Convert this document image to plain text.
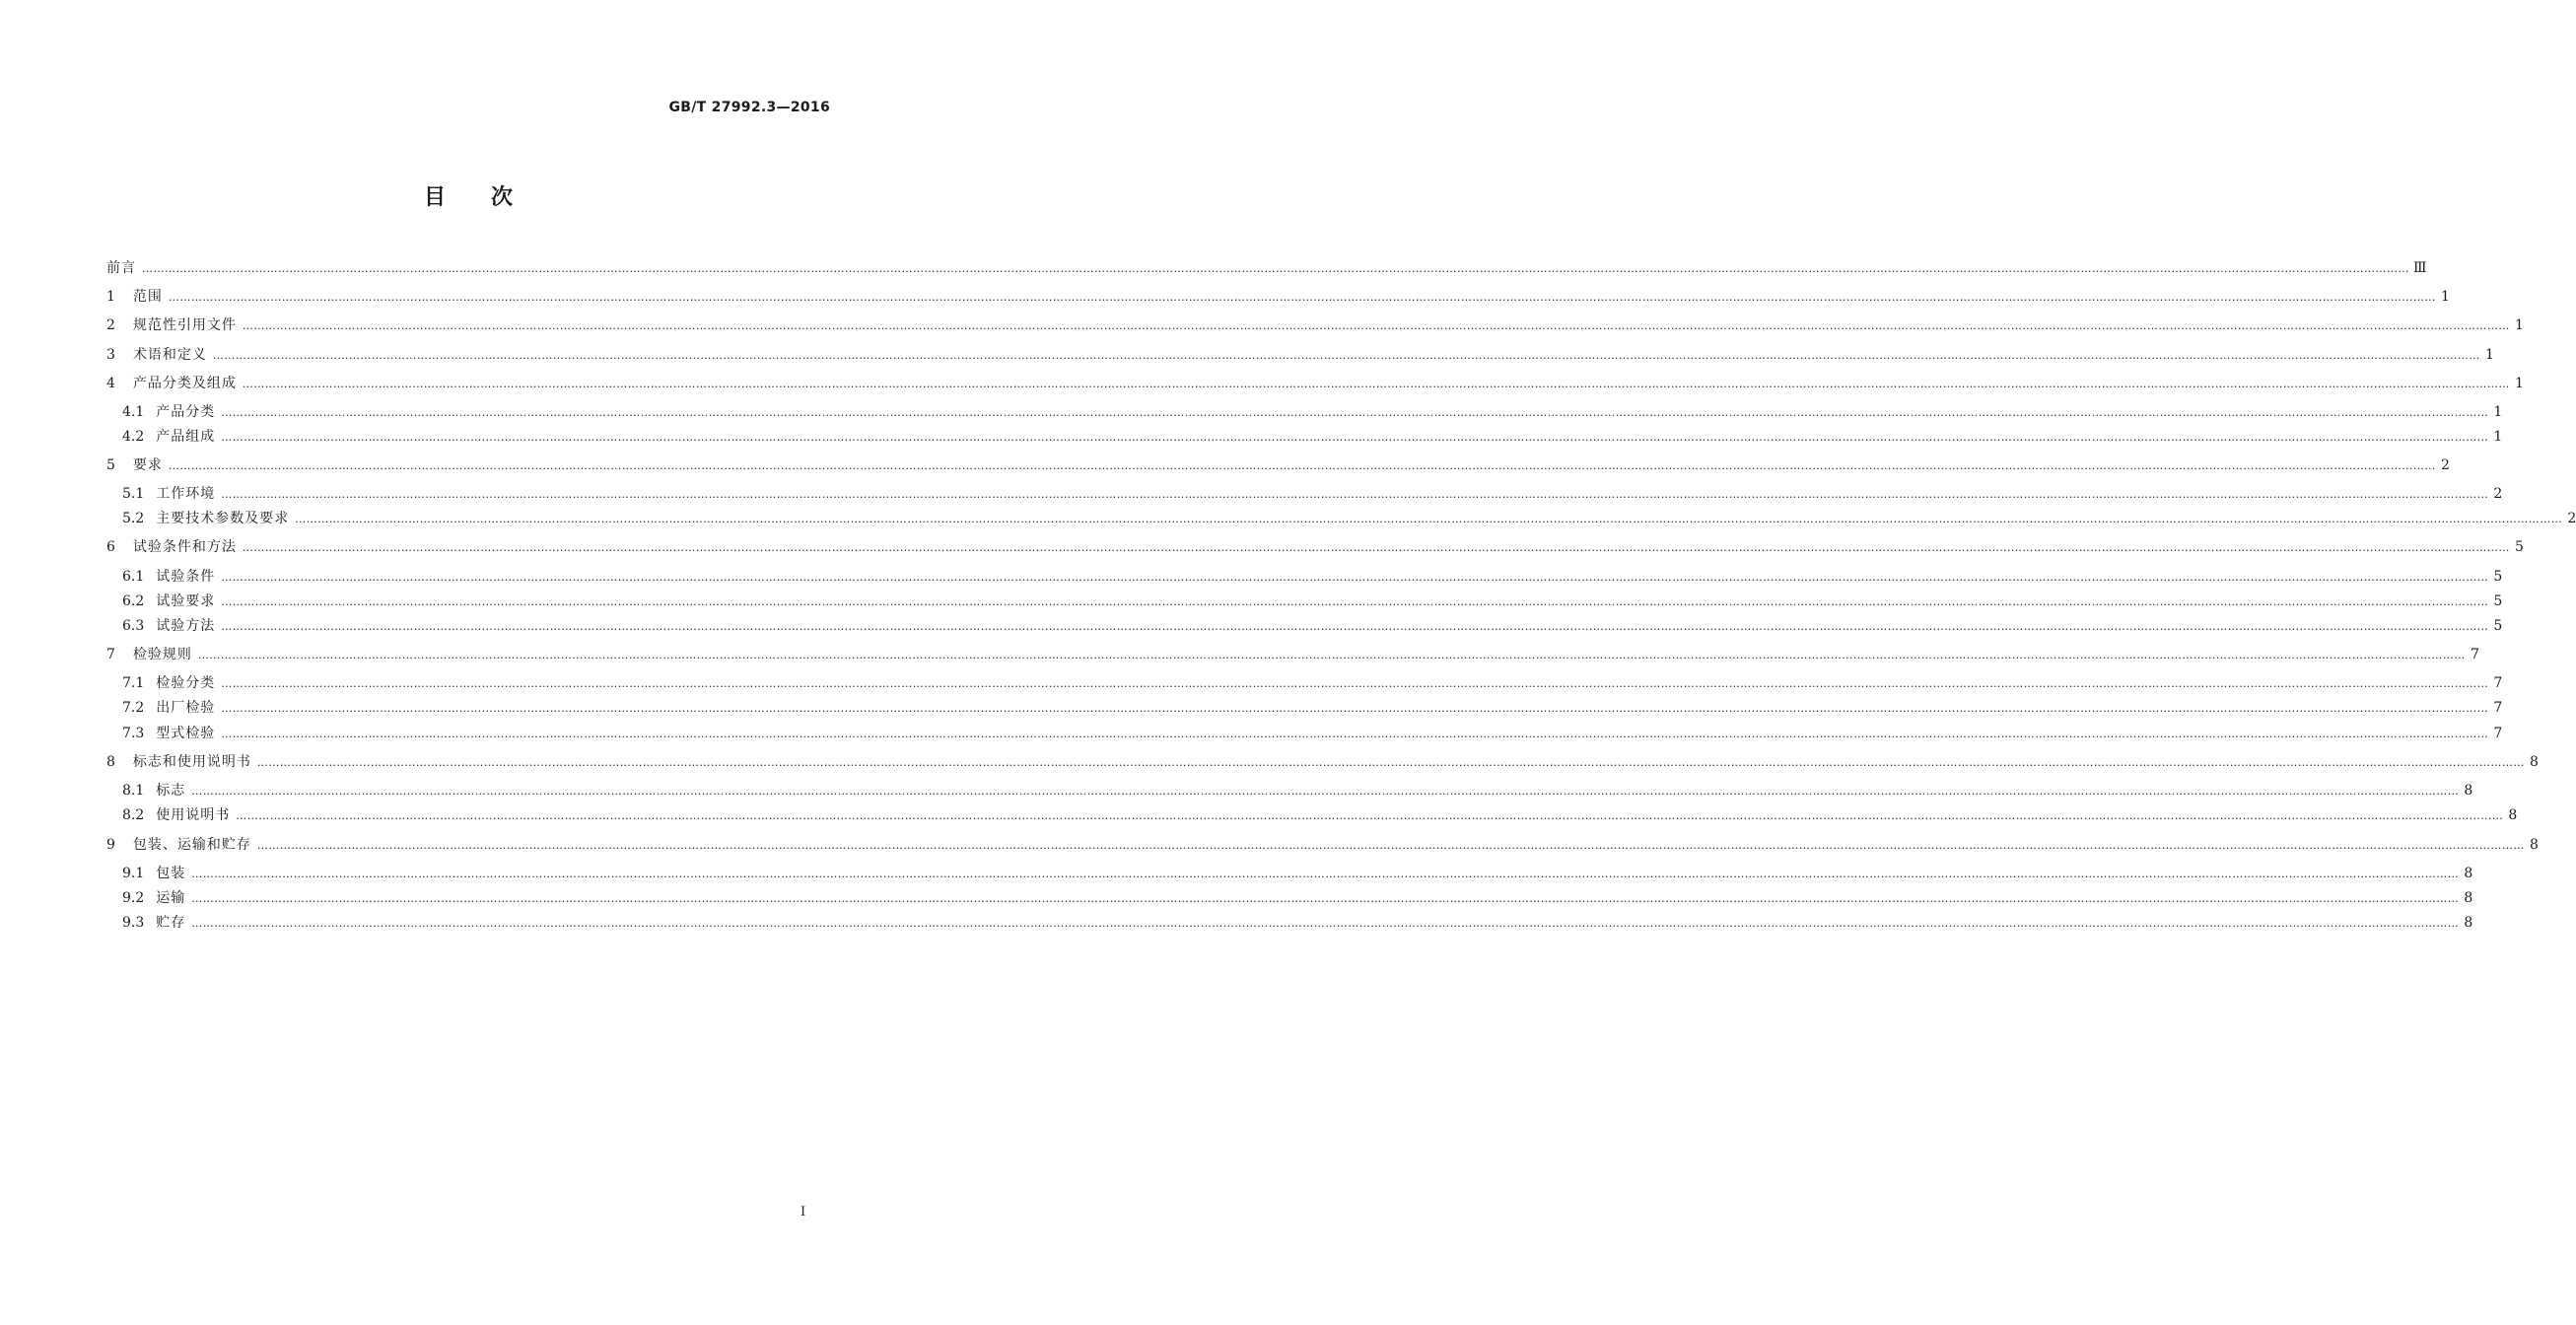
GB/T 27992.3—2016
目次
前言 …………………………………………………………………………………………………………………………………………………………………………………………………………………………………………………………………………………………………………………………………………………………………………………………………………………………………………………………………………………………………………………………………………………… Ⅲ
1 范围 …………………………………………………………………………………………………………………………………………………………………………………………………………………………………………………………………………………………………………………………………………………………………………………………………………………………………………………………………………………………………………………………………………………… 1
2 规范性引用文件 …………………………………………………………………………………………………………………………………………………………………………………………………………………………………………………………………………………………………………………………………………………………………………………………………………………………………………………………………………………………………………………………………………………… 1
3 术语和定义 …………………………………………………………………………………………………………………………………………………………………………………………………………………………………………………………………………………………………………………………………………………………………………………………………………………………………………………………………………………………………………………………………………………… 1
4 产品分类及组成 …………………………………………………………………………………………………………………………………………………………………………………………………………………………………………………………………………………………………………………………………………………………………………………………………………………………………………………………………………………………………………………………………………………… 1
4.1 产品分类 …………………………………………………………………………………………………………………………………………………………………………………………………………………………………………………………………………………………………………………………………………………………………………………………………………………………………………………………………………………………………………………………………………………… 1
4.2 产品组成 …………………………………………………………………………………………………………………………………………………………………………………………………………………………………………………………………………………………………………………………………………………………………………………………………………………………………………………………………………………………………………………………………………………… 1
5 要求 …………………………………………………………………………………………………………………………………………………………………………………………………………………………………………………………………………………………………………………………………………………………………………………………………………………………………………………………………………………………………………………………………………………… 2
5.1 工作环境 …………………………………………………………………………………………………………………………………………………………………………………………………………………………………………………………………………………………………………………………………………………………………………………………………………………………………………………………………………………………………………………………………………………… 2
5.2 主要技术参数及要求 …………………………………………………………………………………………………………………………………………………………………………………………………………………………………………………………………………………………………………………………………………………………………………………………………………………………………………………………………………………………………………………………………………………… 2
6 试验条件和方法 …………………………………………………………………………………………………………………………………………………………………………………………………………………………………………………………………………………………………………………………………………………………………………………………………………………………………………………………………………………………………………………………………………………… 5
6.1 试验条件 …………………………………………………………………………………………………………………………………………………………………………………………………………………………………………………………………………………………………………………………………………………………………………………………………………………………………………………………………………………………………………………………………………………… 5
6.2 试验要求 …………………………………………………………………………………………………………………………………………………………………………………………………………………………………………………………………………………………………………………………………………………………………………………………………………………………………………………………………………………………………………………………………………………… 5
6.3 试验方法 …………………………………………………………………………………………………………………………………………………………………………………………………………………………………………………………………………………………………………………………………………………………………………………………………………………………………………………………………………………………………………………………………………………… 5
7 检验规则 …………………………………………………………………………………………………………………………………………………………………………………………………………………………………………………………………………………………………………………………………………………………………………………………………………………………………………………………………………………………………………………………………………………… 7
7.1 检验分类 …………………………………………………………………………………………………………………………………………………………………………………………………………………………………………………………………………………………………………………………………………………………………………………………………………………………………………………………………………………………………………………………………………………… 7
7.2 出厂检验 …………………………………………………………………………………………………………………………………………………………………………………………………………………………………………………………………………………………………………………………………………………………………………………………………………………………………………………………………………………………………………………………………………………… 7
7.3 型式检验 …………………………………………………………………………………………………………………………………………………………………………………………………………………………………………………………………………………………………………………………………………………………………………………………………………………………………………………………………………………………………………………………………………………… 7
8 标志和使用说明书 …………………………………………………………………………………………………………………………………………………………………………………………………………………………………………………………………………………………………………………………………………………………………………………………………………………………………………………………………………………………………………………………………………………… 8
8.1 标志 …………………………………………………………………………………………………………………………………………………………………………………………………………………………………………………………………………………………………………………………………………………………………………………………………………………………………………………………………………………………………………………………………………………… 8
8.2 使用说明书 …………………………………………………………………………………………………………………………………………………………………………………………………………………………………………………………………………………………………………………………………………………………………………………………………………………………………………………………………………………………………………………………………………………… 8
9 包装、运输和贮存 …………………………………………………………………………………………………………………………………………………………………………………………………………………………………………………………………………………………………………………………………………………………………………………………………………………………………………………………………………………………………………………………………………………… 8
9.1 包装 …………………………………………………………………………………………………………………………………………………………………………………………………………………………………………………………………………………………………………………………………………………………………………………………………………………………………………………………………………………………………………………………………………………… 8
9.2 运输 …………………………………………………………………………………………………………………………………………………………………………………………………………………………………………………………………………………………………………………………………………………………………………………………………………………………………………………………………………………………………………………………………………………… 8
9.3 贮存 …………………………………………………………………………………………………………………………………………………………………………………………………………………………………………………………………………………………………………………………………………………………………………………………………………………………………………………………………………………………………………………………………………………… 8
Ⅰ
